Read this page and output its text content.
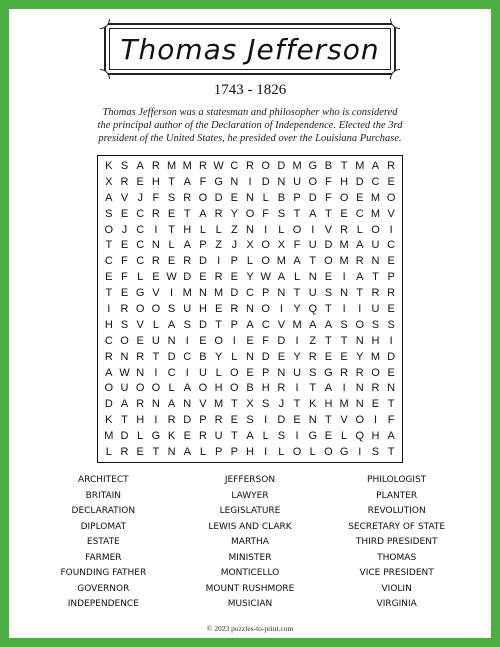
Thomas Jefferson
1743 - 1826
Thomas Jefferson was a statesman and philosopher who is considered the principal author of the Declaration of Independence. Elected the 3rd president of the United States, he presided over the Louisiana Purchase.
K S A R M M R W C R O D M G B T M A R
X R E H T A F G N I D N U O F H D C E
A V J F S R O D E N L B P D F O E M O
S E C R E T A R Y O F S T A T E C M V
O J C I T H L L Z N I	L O I V R L O I
T E C N L A P Z J X O X F U D M A U C
C F C R E R D I P L O M A T O M R N E
E F L E W D E R E Y W A L N E I A T P
T E G V I M N M D C P N T U S N T R R
I R O O S U H E R N O I Y Q T I	I U E
H S V L A S D T P A C V M A A S O S S
C O E U N I E O I E F D I Z T T N H I
R N R T D C B Y L N D E Y R E E Y M D
A W N I C I U L O E P N U S G R R O E
O U O O L A O H O B H R I T A I N R N
D A R N A N V M T X S J T K H M N E T
K T H I R D P R E S I D E N T V O I F
M D L G K E R U T A L S I G E L Q H A
L R E T N A L P P H I	L O L O G I S T
ARCHITECT
BRITAIN
DECLARATION
DIPLOMAT
ESTATE
FARMER
FOUNDING FATHER
GOVERNOR
INDEPENDENCE
JEFFERSON
LAWYER
LEGISLATURE
LEWIS AND CLARK
MARTHA
MINISTER
MONTICELLO
MOUNT RUSHMORE
MUSICIAN
PHILOLOGIST
PLANTER
REVOLUTION
SECRETARY OF STATE
THIRD PRESIDENT
THOMAS
VICE PRESIDENT
VIOLIN
VIRGINIA
© 2023 puzzles-to-print.com
